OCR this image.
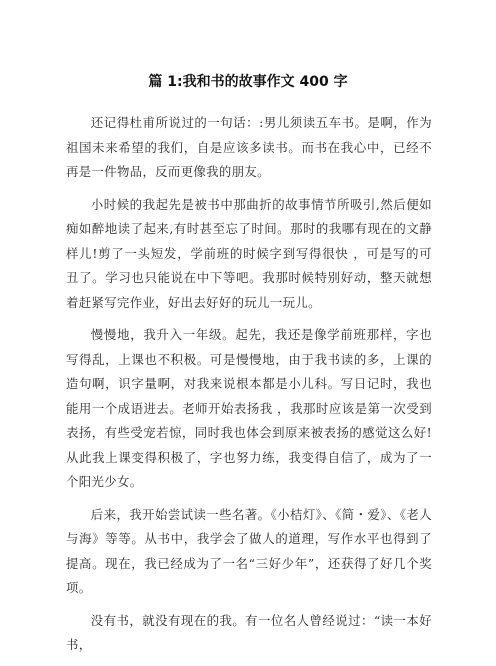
篇 1:我和书的故事作文 400 字

还记得杜甫所说过的一句话：:男儿须读五车书。是啊，作为祖国未来希望的我们，自是应该多读书。而书在我心中，已经不再是一件物品，反而更像我的朋友。

小时候的我起先是被书中那曲折的故事情节所吸引,然后便如痴如醉地读了起来,有时甚至忘了时间。那时的我哪有现在的文静样儿!剪了一头短发，学前班的时候字到写得很快 ，可是写的可丑了。学习也只能说在中下等吧。我那时候特别好动，整天就想着赶紧写完作业，好出去好好的玩儿一玩儿。

慢慢地，我升入一年级。起先，我还是像学前班那样，字也写得乱，上课也不积极。可是慢慢地，由于我书读的多，上课的造句啊，识字量啊，对我来说根本都是小儿科。写日记时，我也能用一个成语进去。老师开始表扬我 ，我那时应该是第一次受到表扬，有些受宠若惊，同时我也体会到原来被表扬的感觉这么好!从此我上课变得积极了，字也努力练，我变得自信了，成为了一个阳光少女。

后来，我开始尝试读一些名著。《小桔灯》、《简・爱》、《老人与海》等等。从书中，我学会了做人的道理，写作水平也得到了提高。现在，我已经成为了一名“三好少年”，还获得了好几个奖项。

没有书，就没有现在的我。有一位名人曾经说过：“读一本好书，
